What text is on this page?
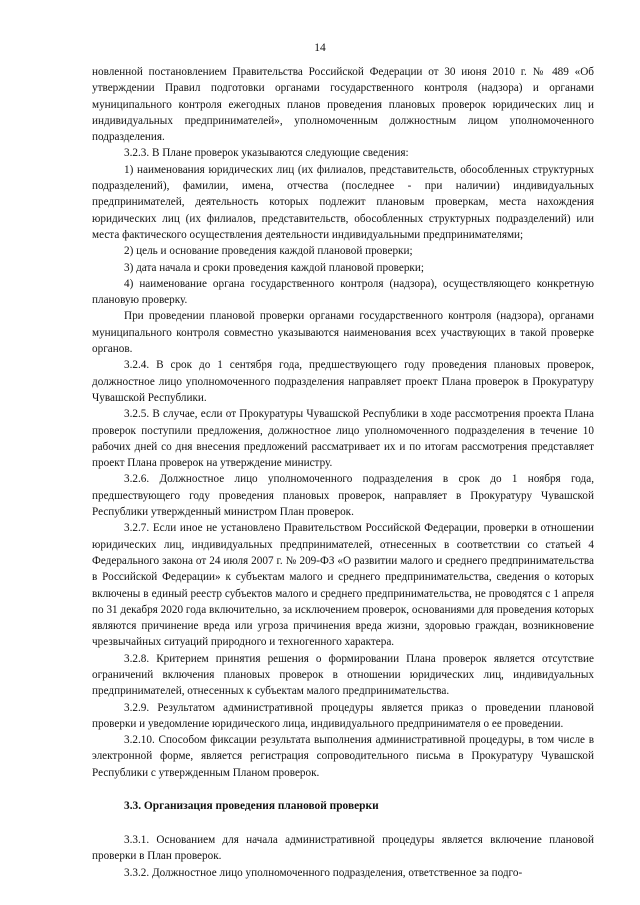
14

новленной постановлением Правительства Российской Федерации от 30 июня 2010 г. № 489 «Об утверждении Правил подготовки органами государственного контроля (надзора) и органами муниципального контроля ежегодных планов проведения плановых проверок юридических лиц и индивидуальных предпринимателей», уполномоченным должностным лицом уполномоченного подразделения.

3.2.3. В Плане проверок указываются следующие сведения:

1) наименования юридических лиц (их филиалов, представительств, обособленных структурных подразделений), фамилии, имена, отчества (последнее - при наличии) индивидуальных предпринимателей, деятельность которых подлежит плановым проверкам, места нахождения юридических лиц (их филиалов, представительств, обособленных структурных подразделений) или места фактического осуществления деятельности индивидуальными предпринимателями;

2) цель и основание проведения каждой плановой проверки;

3) дата начала и сроки проведения каждой плановой проверки;

4) наименование органа государственного контроля (надзора), осуществляющего конкретную плановую проверку.

При проведении плановой проверки органами государственного контроля (надзора), органами муниципального контроля совместно указываются наименования всех участвующих в такой проверке органов.

3.2.4. В срок до 1 сентября года, предшествующего году проведения плановых проверок, должностное лицо уполномоченного подразделения направляет проект Плана проверок в Прокуратуру Чувашской Республики.

3.2.5. В случае, если от Прокуратуры Чувашской Республики в ходе рассмотрения проекта Плана проверок поступили предложения, должностное лицо уполномоченного подразделения в течение 10 рабочих дней со дня внесения предложений рассматривает их и по итогам рассмотрения представляет проект Плана проверок на утверждение министру.

3.2.6. Должностное лицо уполномоченного подразделения в срок до 1 ноября года, предшествующего году проведения плановых проверок, направляет в Прокуратуру Чувашской Республики утвержденный министром План проверок.

3.2.7. Если иное не установлено Правительством Российской Федерации, проверки в отношении юридических лиц, индивидуальных предпринимателей, отнесенных в соответствии со статьей 4 Федерального закона от 24 июля 2007 г. № 209-ФЗ «О развитии малого и среднего предпринимательства в Российской Федерации» к субъектам малого и среднего предпринимательства, сведения о которых включены в единый реестр субъектов малого и среднего предпринимательства, не проводятся с 1 апреля по 31 декабря 2020 года включительно, за исключением проверок, основаниями для проведения которых являются причинение вреда или угроза причинения вреда жизни, здоровью граждан, возникновение чрезвычайных ситуаций природного и техногенного характера.

3.2.8. Критерием принятия решения о формировании Плана проверок является отсутствие ограничений включения плановых проверок в отношении юридических лиц, индивидуальных предпринимателей, отнесенных к субъектам малого предпринимательства.

3.2.9. Результатом административной процедуры является приказ о проведении плановой проверки и уведомление юридического лица, индивидуального предпринимателя о ее проведении.

3.2.10. Способом фиксации результата выполнения административной процедуры, в том числе в электронной форме, является регистрация сопроводительного письма в Прокуратуру Чувашской Республики с утвержденным Планом проверок.

3.3. Организация проведения плановой проверки

3.3.1. Основанием для начала административной процедуры является включение плановой проверки в План проверок.

3.3.2. Должностное лицо уполномоченного подразделения, ответственное за подго-
